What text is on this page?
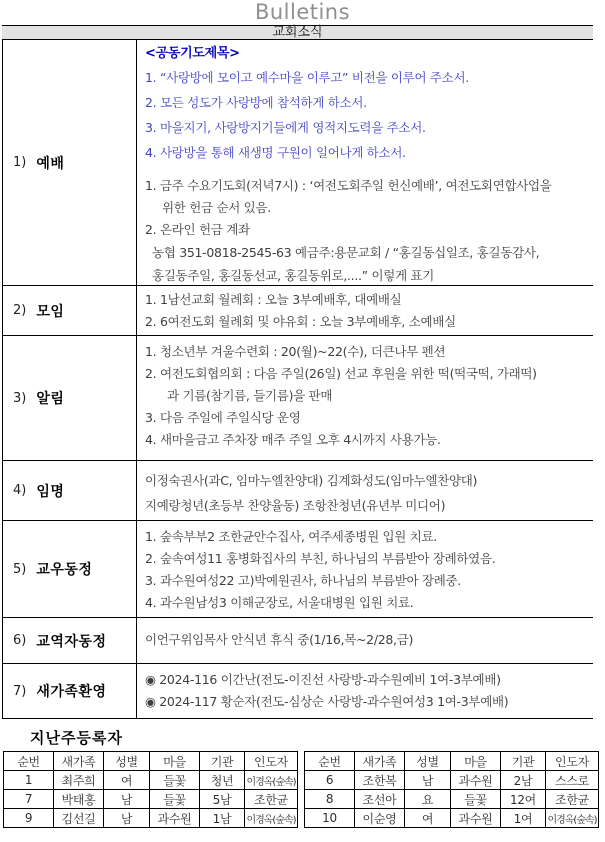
Bulletins
교회소식
1) 예배
<공동기도제목>
1. “사랑방에 모이고 예수마을 이루고” 비전을 이루어 주소서.
2. 모든 성도가 사랑방에 참석하게 하소서.
3. 마을지기, 사랑방지기들에게 영적지도력을 주소서.
4. 사랑방을 통해 새생명 구원이 일어나게 하소서.
1. 금주 수요기도회(저녁7시) : ‘여전도회주일 헌신예배’, 여전도회연합사업을
위한 헌금 순서 있음.
2. 온라인 헌금 계좌
농협 351-0818-2545-63 예금주:용문교회 / “홍길동십일조, 홍길동감사,
홍길동주일, 홍길동선교, 홍길동위로,....” 이렇게 표기
2) 모임
1. 1남선교회 월례회 : 오늘 3부예배후, 대예배실
2. 6여전도회 월례회 및 야유회 : 오늘 3부예배후, 소예배실
3) 알림
1. 청소년부 겨울수련회 : 20(월)~22(수), 더큰나무 펜션
2. 여전도회협의회 : 다음 주일(26일) 선교 후원을 위한 떡(떡국떡, 가래떡)
과 기름(참기름, 들기름)을 판매
3. 다음 주일에 주일식당 운영
4. 새마을금고 주차장 매주 주일 오후 4시까지 사용가능.
4) 임명
이정숙권사(과C, 임마누엘찬양대) 김계화성도(임마누엘찬양대)
지예랑청년(초등부 찬양율동) 조항찬청년(유년부 미디어)
5) 교우동정
1. 숲속부부2 조한균안수집사, 여주세종병원 입원 치료.
2. 숲속여성11 홍병화집사의 부친, 하나님의 부름받아 장례하였음.
3. 과수원여성22 고)박예원권사, 하나님의 부름받아 장례중.
4. 과수원남성3 이해군장로, 서울대병원 입원 치료.
6) 교역자동정	이언구위임목사 안식년 휴식 중(1/16,목~2/28,금)
7) 새가족환영
◉ 2024-116 이간난(전도-이진선 사랑방-과수원예비 1여-3부예배)
◉ 2024-117 황순자(전도-심상순 사랑방-과수원여성3 1여-3부예배)
지난주등록자
순번	새가족	성별	마을	기관	인도자
1	최주희	여	들꽃	청년	이경옥(숲속)
7	박태홍	남	들꽃	5남	조한균
9	김선길	남	과수원	1남	이경옥(숲속)
순번	새가족	성별	마을	기관	인도자
6	조한복	남	과수원	2남	스스로
8	조선아	요	들꽃	12여	조한균
10	이순영	여	과수원	1여	이경옥(숲속)
